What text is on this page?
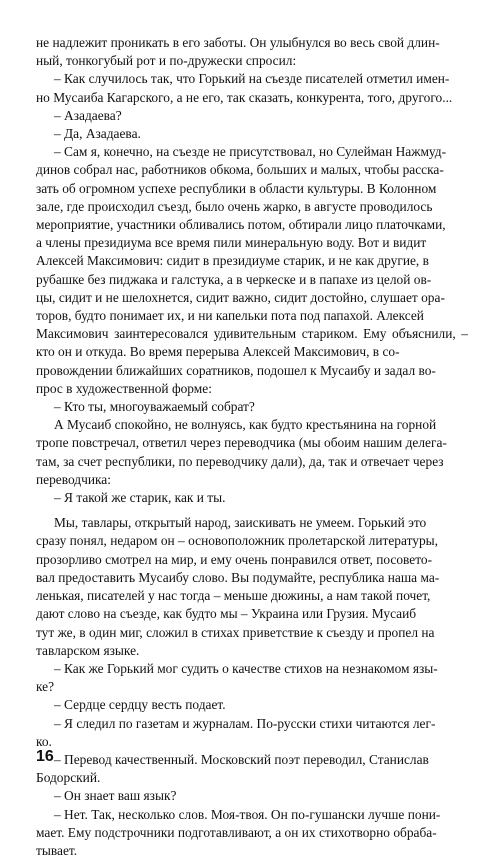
не надлежит проникать в его заботы. Он улыбнулся во весь свой длин-
ный, тонкогубый рот и по-дружески спросил:
– Как случилось так, что Горький на съезде писателей отметил имен-
но Мусаиба Кагарского, а не его, так сказать, конкурента, того, другого...
– Азадаева?
– Да, Азадаева.
– Сам я, конечно, на съезде не присутствовал, но Сулейман Нажмуд-
динов собрал нас, работников обкома, больших и малых, чтобы расска-
зать об огромном успехе республики в области культуры. В Колонном
зале, где происходил съезд, было очень жарко, в августе проводилось
мероприятие, участники обливались потом, обтирали лицо платочками,
а члены президиума все время пили минеральную воду. Вот и видит
Алексей Максимович: сидит в президиуме старик, и не как другие, в
рубашке без пиджака и галстука, а в черкеске и в папахе из целой ов-
цы, сидит и не шелохнется, сидит важно, сидит достойно, слушает ора-
торов, будто понимает их, и ни капельки пота под папахой. Алексей
Максимович заинтересовался удивительным стариком. Ему объяснили, – кто он и откуда. Во время перерыва Алексей Максимович, в со-
провождении ближайших соратников, подошел к Мусаибу и задал во-
прос в художественной форме:
– Кто ты, многоуважаемый собрат?
А Мусаиб спокойно, не волнуясь, как будто крестьянина на горной
тропе повстречал, ответил через переводчика (мы обоим нашим делега-
там, за счет республики, по переводчику дали), да, так и отвечает через
переводчика:
– Я такой же старик, как и ты.
Мы, тавлары, открытый народ, заискивать не умеем. Горький это
сразу понял, недаром он – основоположник пролетарской литературы,
прозорливо смотрел на мир, и ему очень понравился ответ, посовето-
вал предоставить Мусаибу слово. Вы подумайте, республика наша ма-
ленькая, писателей у нас тогда – меньше дюжины, а нам такой почет,
дают слово на съезде, как будто мы – Украина или Грузия. Мусаиб
тут же, в один миг, сложил в стихах приветствие к съезду и пропел на
тавларском языке.
– Как же Горький мог судить о качестве стихов на незнакомом язы-
ке?
– Сердце сердцу весть подает.
– Я следил по газетам и журналам. По-русски стихи читаются лег-
ко.
– Перевод качественный. Московский поэт переводил, Станислав
Бодорский.
– Он знает ваш язык?
– Нет. Так, несколько слов. Моя-твоя. Он по-гушански лучше пони-
мает. Ему подстрочники подготавливают, а он их стихотворно обраба-
тывает.
16
